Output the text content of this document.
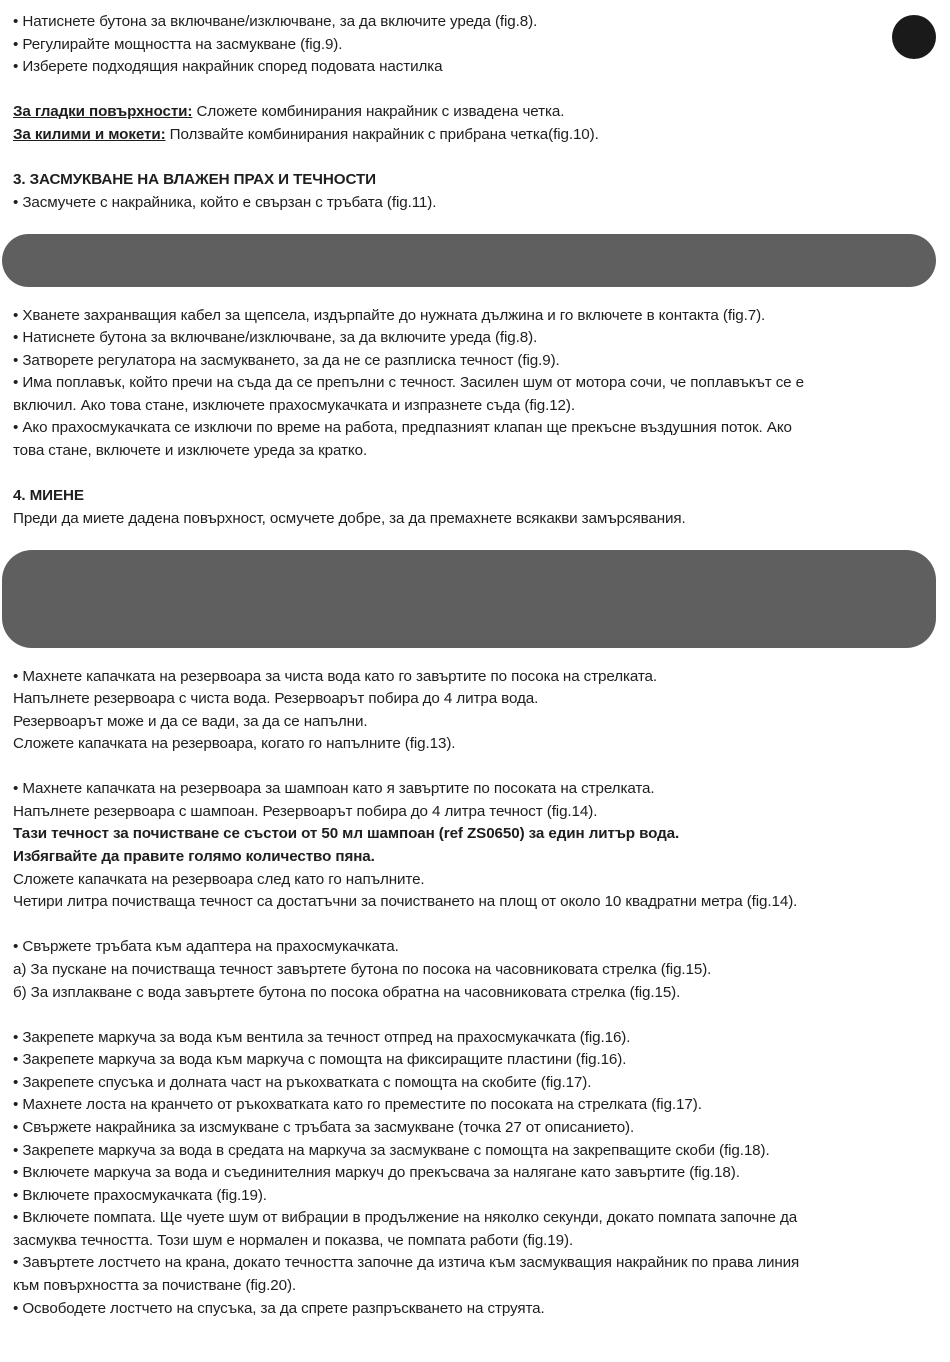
• Натиснете бутона за включване/изключване, за да включите уреда (fig.8).
• Регулирайте мощността на засмукване (fig.9).
• Изберете подходящия накрайник според подовата настилка
За гладки повърхности: Сложете комбинирания накрайник с извадена четка.
За килими и мокети: Ползвайте комбинирания накрайник с прибрана четка(fig.10).
3. ЗАСМУКВАНЕ НА ВЛАЖЕН ПРАХ И ТЕЧНОСТИ
• Засмучете с накрайника, който е свързан с тръбата (fig.11).
• Хванете захранващия кабел за щепсела, издърпайте до нужната дължина и го включете в контакта (fig.7).
• Натиснете бутона за включване/изключване, за да включите уреда (fig.8).
• Затворете регулатора на засмукването, за да не се разплиска течност (fig.9).
• Има поплавък, който пречи на съда да се препълни с течност. Засилен шум от мотора сочи, че поплавъкът се е
включил. Ако това стане, изключете прахосмукачката и изпразнете съда (fig.12).
• Ако прахосмукачката се изключи по време на работа, предпазният клапан ще прекъсне въздушния поток. Ако
това стане, включете и изключете уреда за кратко.
4. МИЕНЕ
Преди да миете дадена повърхност, осмучете добре, за да премахнете всякакви замърсявания.
• Махнете капачката на резервоара за чиста вода като го завъртите по посока на стрелката.
Напълнете резервоара с чиста вода. Резервоарът побира до 4 литра вода.
Резервоарът може и да се вади, за да се напълни.
Сложете капачката на резервоара, когато го напълните (fig.13).
• Махнете капачката на резервоара за шампоан като я завъртите по посоката на стрелката.
Напълнете резервоара с шампоан. Резервоарът побира до 4 литра течност (fig.14).
Тази течност за почистване се състои от 50 мл шампоан (ref ZS0650) за един литър вода.
Избягвайте да правите голямо количество пяна.
Сложете капачката на резервоара след като го напълните.
Четири литра почистваща течност са достатъчни за почистването на площ от около 10 квадратни метра (fig.14).
• Свържете тръбата към адаптера на прахосмукачката.
а) За пускане на почистваща течност завъртете бутона по посока на часовниковата стрелка (fig.15).
б) За изплакване с вода завъртете бутона по посока обратна на часовниковата стрелка (fig.15).
• Закрепете маркуча за вода към вентила за течност отпред на прахосмукачката (fig.16).
• Закрепете маркуча за вода към маркуча с помощта на фиксиращите пластини (fig.16).
• Закрепете спусъка и долната част на ръкохватката с помощта на скобите (fig.17).
• Махнете лоста на кранчето от ръкохватката като го преместите по посоката на стрелката (fig.17).
• Свържете накрайника за изсмукване с тръбата за засмукване (точка 27 от описанието).
• Закрепете маркуча за вода в средата на маркуча за засмукване с помощта на закрепващите скоби (fig.18).
• Включете маркуча за вода и съединителния маркуч до прекъсвача за налягане като завъртите (fig.18).
• Включете прахосмукачката (fig.19).
• Включете помпата. Ще чуете шум от вибрации в продължение на няколко секунди, докато помпата започне да
засмуква течността. Този шум е нормален и показва, че помпата работи (fig.19).
• Завъртете лостчето на крана, докато течността започне да изтича към засмукващия накрайник по права линия
към повърхността за почистване (fig.20).
• Освободете лостчето на спусъка, за да спрете разпръскването на струята.
